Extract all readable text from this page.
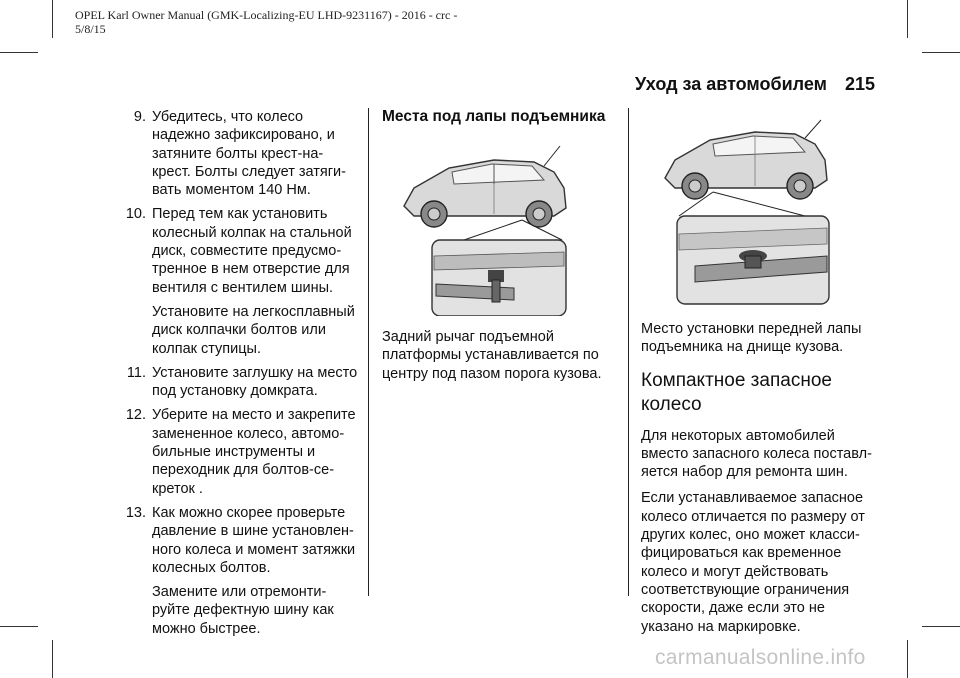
OPEL Karl Owner Manual (GMK-Localizing-EU LHD-9231167) - 2016 - crc -
5/8/15
Уход за автомобилем 215
9. Убедитесь, что колесо надежно зафиксировано, и затяните болты крест-на-крест. Болты следует затяги-вать моментом 140 Нм.

10. Перед тем как установить колесный колпак на стальной диск, совместите предусмо-тренное в нем отверстие для вентиля с вентилем шины.

Установите на легкосплавный диск колпачки болтов или колпак ступицы.

11. Установите заглушку на место под установку домкрата.

12. Уберите на место и закрепите замененное колесо, автомо-бильные инструменты и переходник для болтов-се-креток .

13. Как можно скорее проверьте давление в шине установлен-ного колеса и момент затяжки колесных болтов.

Замените или отремонти-руйте дефектную шину как можно быстрее.

Места под лапы подъемника

Задний рычаг подъемной платформы устанавливается по центру под пазом порога кузова.

Место установки передней лапы подъемника на днище кузова.

Компактное запасное колесо

Для некоторых автомобилей вместо запасного колеса поставл-яется набор для ремонта шин.

Если устанавливаемое запасное колесо отличается по размеру от других колес, оно может класси-фицироваться как временное колесо и могут действовать соответствующие ограничения скорости, даже если это не указано на маркировке.

carmanualsonline.info
